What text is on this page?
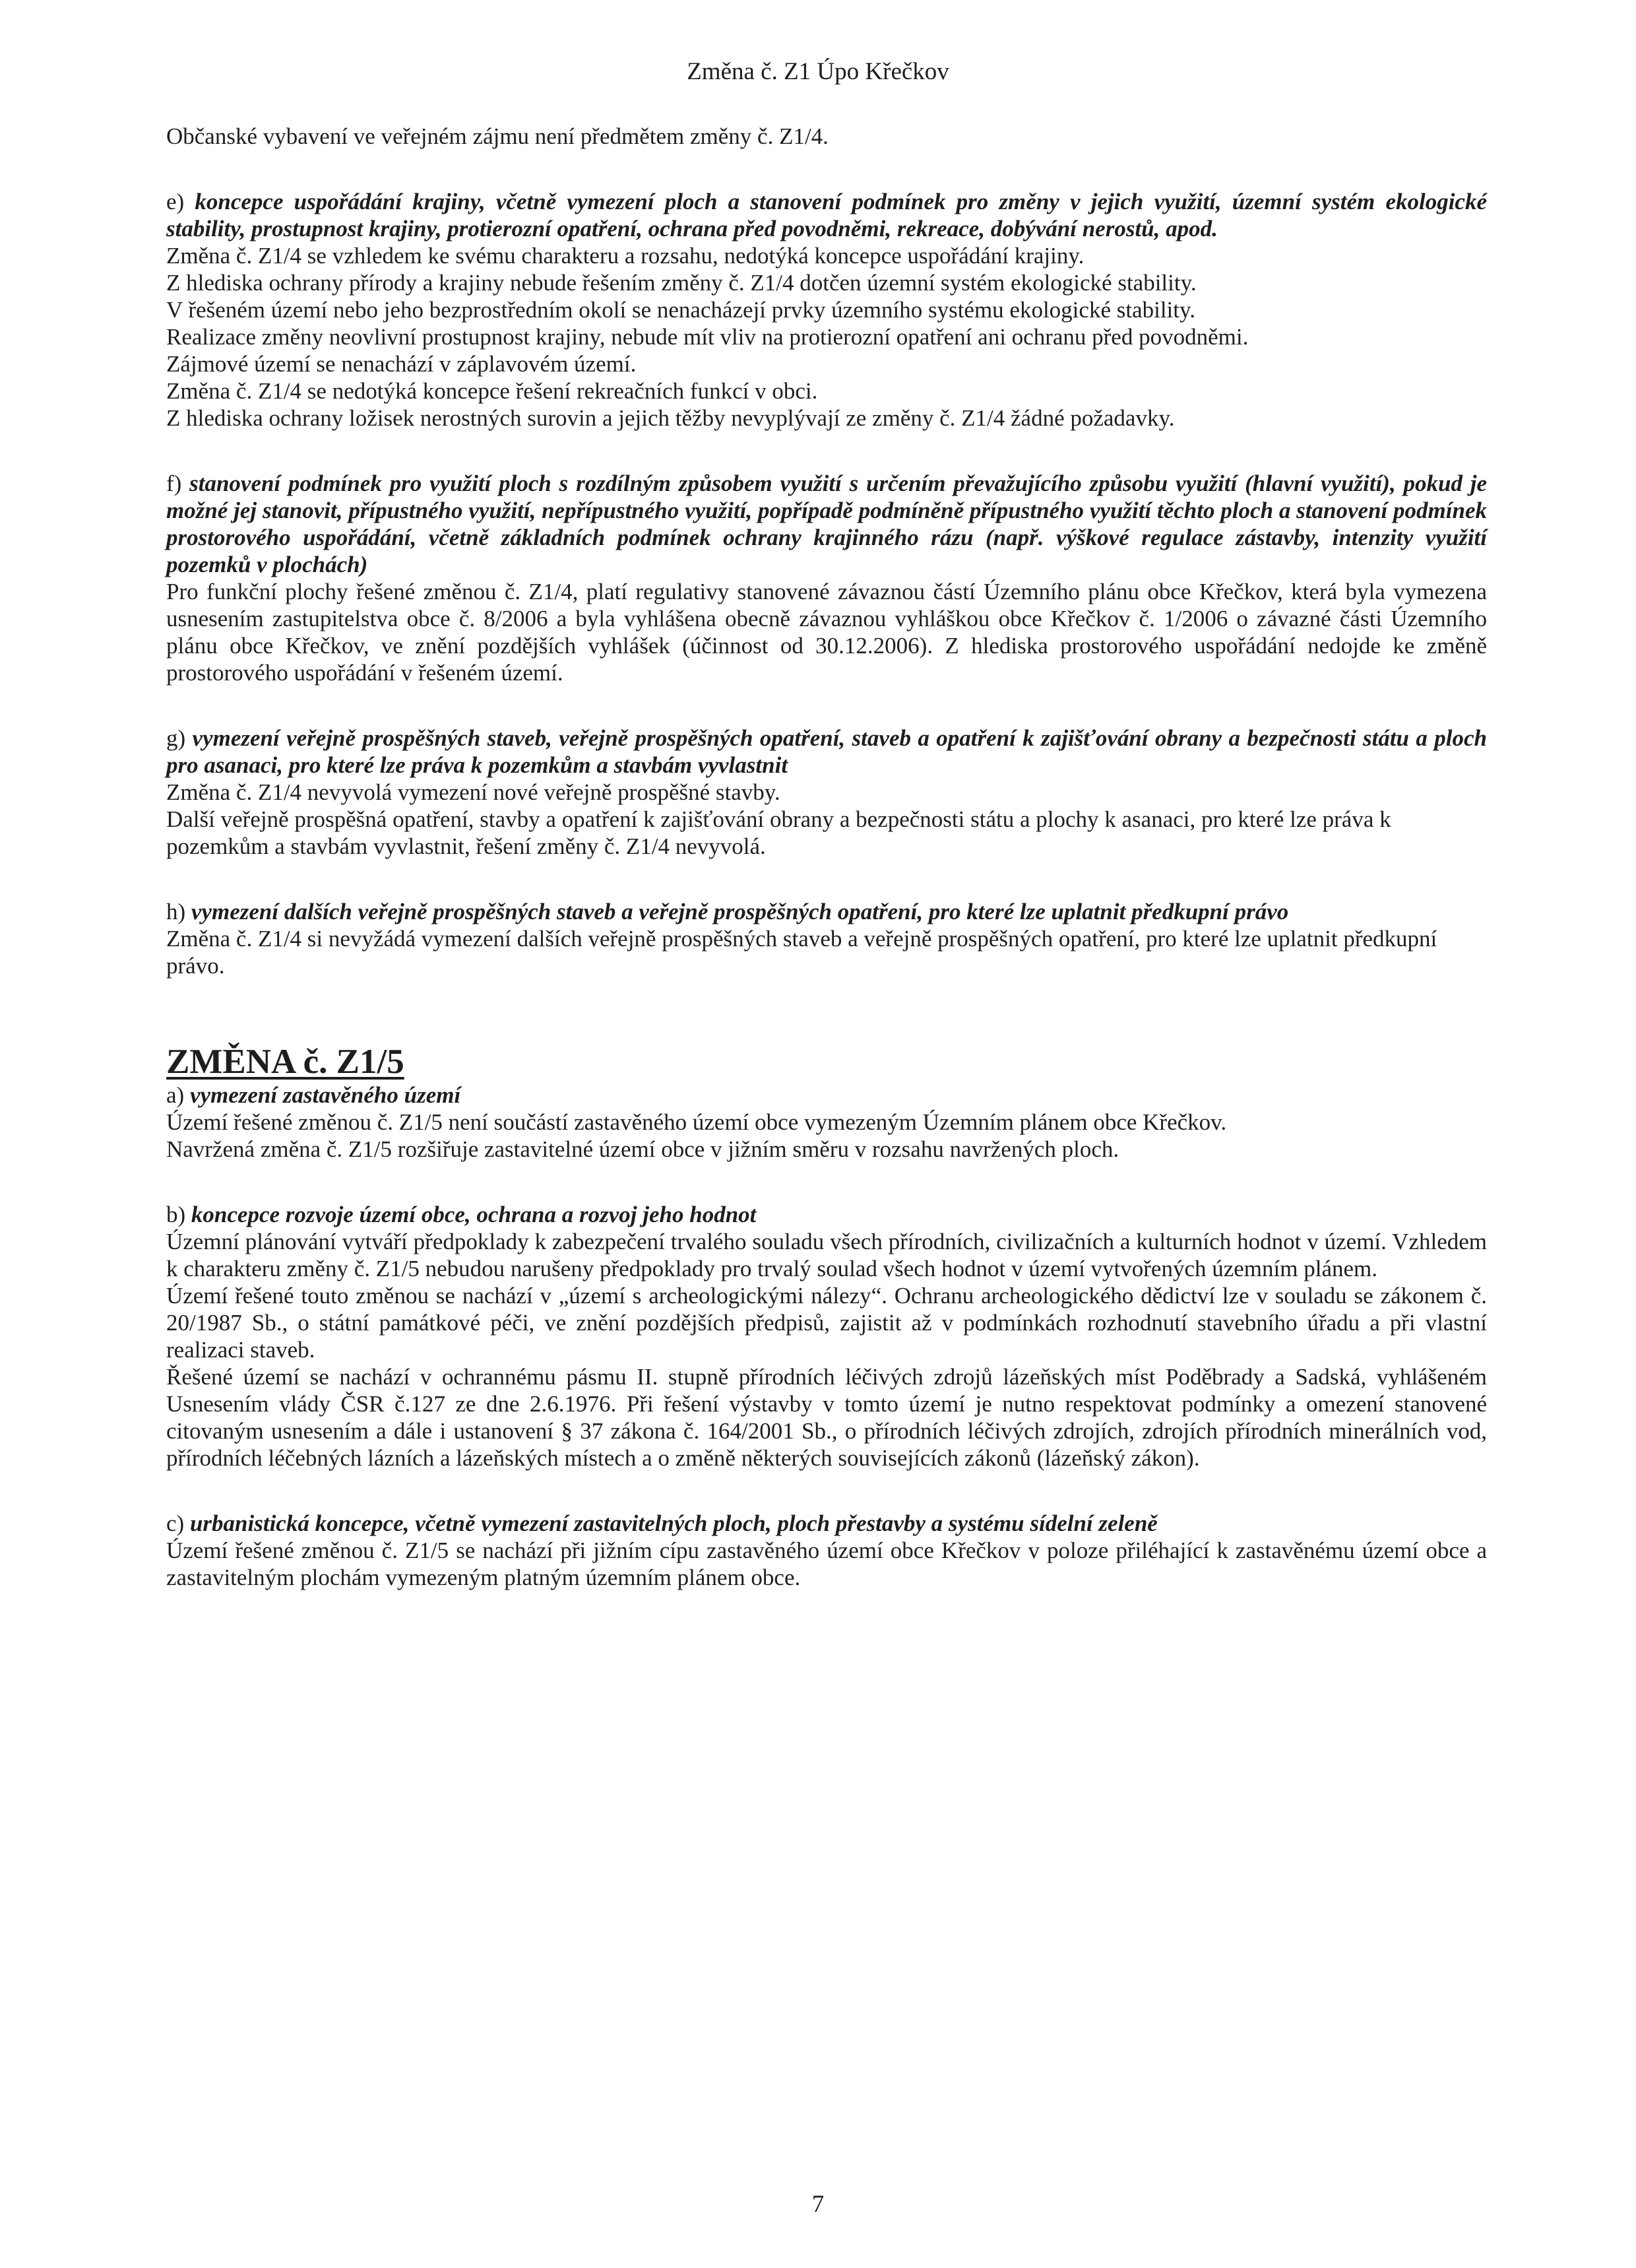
Změna č. Z1 Úpo Křečkov

Občanské vybavení ve veřejném zájmu není předmětem změny č. Z1/4.

e) koncepce uspořádání krajiny, včetně vymezení ploch a stanovení podmínek pro změny v jejich využití, územní systém ekologické stability, prostupnost krajiny, protierozní opatření, ochrana před povodněmi, rekreace, dobývání nerostů, apod.

Změna č. Z1/4 se vzhledem ke svému charakteru a rozsahu, nedotýká koncepce uspořádání krajiny.

Z hlediska ochrany přírody a krajiny nebude řešením změny č. Z1/4 dotčen územní systém ekologické stability.

V řešeném území nebo jeho bezprostředním okolí se nenacházejí prvky územního systému ekologické stability.

Realizace změny neovlivní prostupnost krajiny, nebude mít vliv na protierozní opatření ani ochranu před povodněmi.

Zájmové území se nenachází v záplavovém území.

Změna č. Z1/4 se nedotýká koncepce řešení rekreačních funkcí v obci.

Z hlediska ochrany ložisek nerostných surovin a jejich těžby nevyplývají ze změny č. Z1/4 žádné požadavky.

f) stanovení podmínek pro využití ploch s rozdílným způsobem využití s určením převažujícího způsobu využití (hlavní využití), pokud je možné jej stanovit, přípustného využití, nepřípustného využití, popřípadě podmíněně přípustného využití těchto ploch a stanovení podmínek prostorového uspořádání, včetně základních podmínek ochrany krajinného rázu (např. výškové regulace zástavby, intenzity využití pozemků v plochách)

Pro funkční plochy řešené změnou č. Z1/4, platí regulativy stanovené závaznou částí Územního plánu obce Křečkov, která byla vymezena usnesením zastupitelstva obce č. 8/2006 a byla vyhlášena obecně závaznou vyhláškou obce Křečkov č. 1/2006 o závazné části Územního plánu obce Křečkov, ve znění pozdějších vyhlášek (účinnost od 30.12.2006). Z hlediska prostorového uspořádání nedojde ke změně prostorového uspořádání v řešeném území.

g) vymezení veřejně prospěšných staveb, veřejně prospěšných opatření, staveb a opatření k zajišťování obrany a bezpečnosti státu a ploch pro asanaci, pro které lze práva k pozemkům a stavbám vyvlastnit

Změna č. Z1/4 nevyvolá vymezení nové veřejně prospěšné stavby.

Další veřejně prospěšná opatření, stavby a opatření k zajišťování obrany a bezpečnosti státu a plochy k asanaci, pro které lze práva k pozemkům a stavbám vyvlastnit, řešení změny č. Z1/4 nevyvolá.

h) vymezení dalších veřejně prospěšných staveb a veřejně prospěšných opatření, pro které lze uplatnit předkupní právo

Změna č. Z1/4 si nevyžádá vymezení dalších veřejně prospěšných staveb a veřejně prospěšných opatření, pro které lze uplatnit předkupní právo.

ZMĚNA č. Z1/5

a) vymezení zastavěného území

Území řešené změnou č. Z1/5 není součástí zastavěného území obce vymezeným Územním plánem obce Křečkov.

Navržená změna č. Z1/5 rozšiřuje zastavitelné území obce v jižním směru v rozsahu navržených ploch.

b) koncepce rozvoje území obce, ochrana a rozvoj jeho hodnot

Územní plánování vytváří předpoklady k zabezpečení trvalého souladu všech přírodních, civilizačních a kulturních hodnot v území. Vzhledem k charakteru změny č. Z1/5 nebudou narušeny předpoklady pro trvalý soulad všech hodnot v území vytvořených územním plánem.

Území řešené touto změnou se nachází v „území s archeologickými nálezy“. Ochranu archeologického dědictví lze v souladu se zákonem č. 20/1987 Sb., o státní památkové péči, ve znění pozdějších předpisů, zajistit až v podmínkách rozhodnutí stavebního úřadu a při vlastní realizaci staveb.

Řešené území se nachází v ochrannému pásmu II. stupně přírodních léčivých zdrojů lázeňských míst Poděbrady a Sadská, vyhlášeném Usnesením vlády ČSR č.127 ze dne 2.6.1976. Při řešení výstavby v tomto území je nutno respektovat podmínky a omezení stanovené citovaným usnesením a dále i ustanovení § 37 zákona č. 164/2001 Sb., o přírodních léčivých zdrojích, zdrojích přírodních minerálních vod, přírodních léčebných lázních a lázeňských místech a o změně některých souvisejících zákonů (lázeňský zákon).

c) urbanistická koncepce, včetně vymezení zastavitelných ploch, ploch přestavby a systému sídelní zeleně

Území řešené změnou č. Z1/5 se nachází při jižním cípu zastavěného území obce Křečkov v poloze přiléhající k zastavěnému území obce a zastavitelným plochám vymezeným platným územním plánem obce.

7
